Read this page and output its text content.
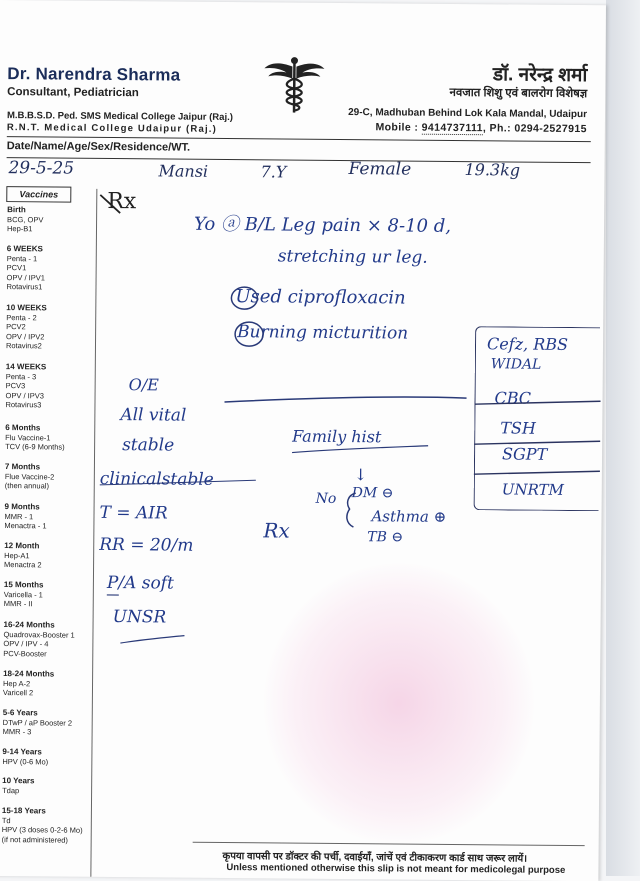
Dr. Narendra Sharma
Consultant, Pediatrician
M.B.B.S.D. Ped. SMS Medical College Jaipur (Raj.)
R.N.T. Medical College Udaipur (Raj.)
डॉ. नरेन्द्र शर्मा
नवजात शिशु एवं बालरोग विशेषज्ञ
29-C, Madhuban Behind Lok Kala Mandal, Udaipur
Mobile : 9414737111, Ph.: 0294-2527915
Date/Name/Age/Sex/Residence/WT.
29-5-25	Mansi	7.Y	Female	19.3kg
Vaccines
Birth
BCG, OPV
Hep-B1
6 WEEKS
Penta - 1
PCV1
OPV / IPV1
Rotavirus1
10 WEEKS
Penta - 2
PCV2
OPV / IPV2
Rotavirus2
14 WEEKS
Penta - 3
PCV3
OPV / IPV3
Rotavirus3
6 Months
Flu Vaccine-1
TCV (6-9 Months)
7 Months
Flue Vaccine-2
(then annual)
9 Months
MMR - 1
Menactra - 1
12 Month
Hep-A1
Menactra 2
15 Months
Varicella - 1
MMR - II
16-24 Months
Quadrovax-Booster 1
OPV / IPV - 4
PCV-Booster
18-24 Months
Hep A-2
Varicell 2
5-6 Years
DTwP / aP Booster 2
MMR - 3
9-14 Years
HPV (0-6 Mo)
10 Years
Tdap
15-18 Years
Td
HPV (3 doses 0-2-6 Mo)
(if not administered)
Rx
Yo ⓐ B/L Leg pain × 8-10 d,
stretching ur leg.
Used ciprofloxacin
Burning micturition
Cefz, RBS
WIDAL
CBC
TSH
SGPT
UNRTM
O/E
All vital
stable
clinicalstable
T = AIR
RR = 20/m
P/A soft
UNSR
Family hist
↓
No DM ⊖
Asthma ⊕
TB ⊖
Rx
कृपया वापसी पर डॉक्टर की पर्ची, दवाईयाँ, जांचें एवं टीकाकरण कार्ड साथ जरूर लायें।
Unless mentioned otherwise this slip is not meant for medicolegal purpose
